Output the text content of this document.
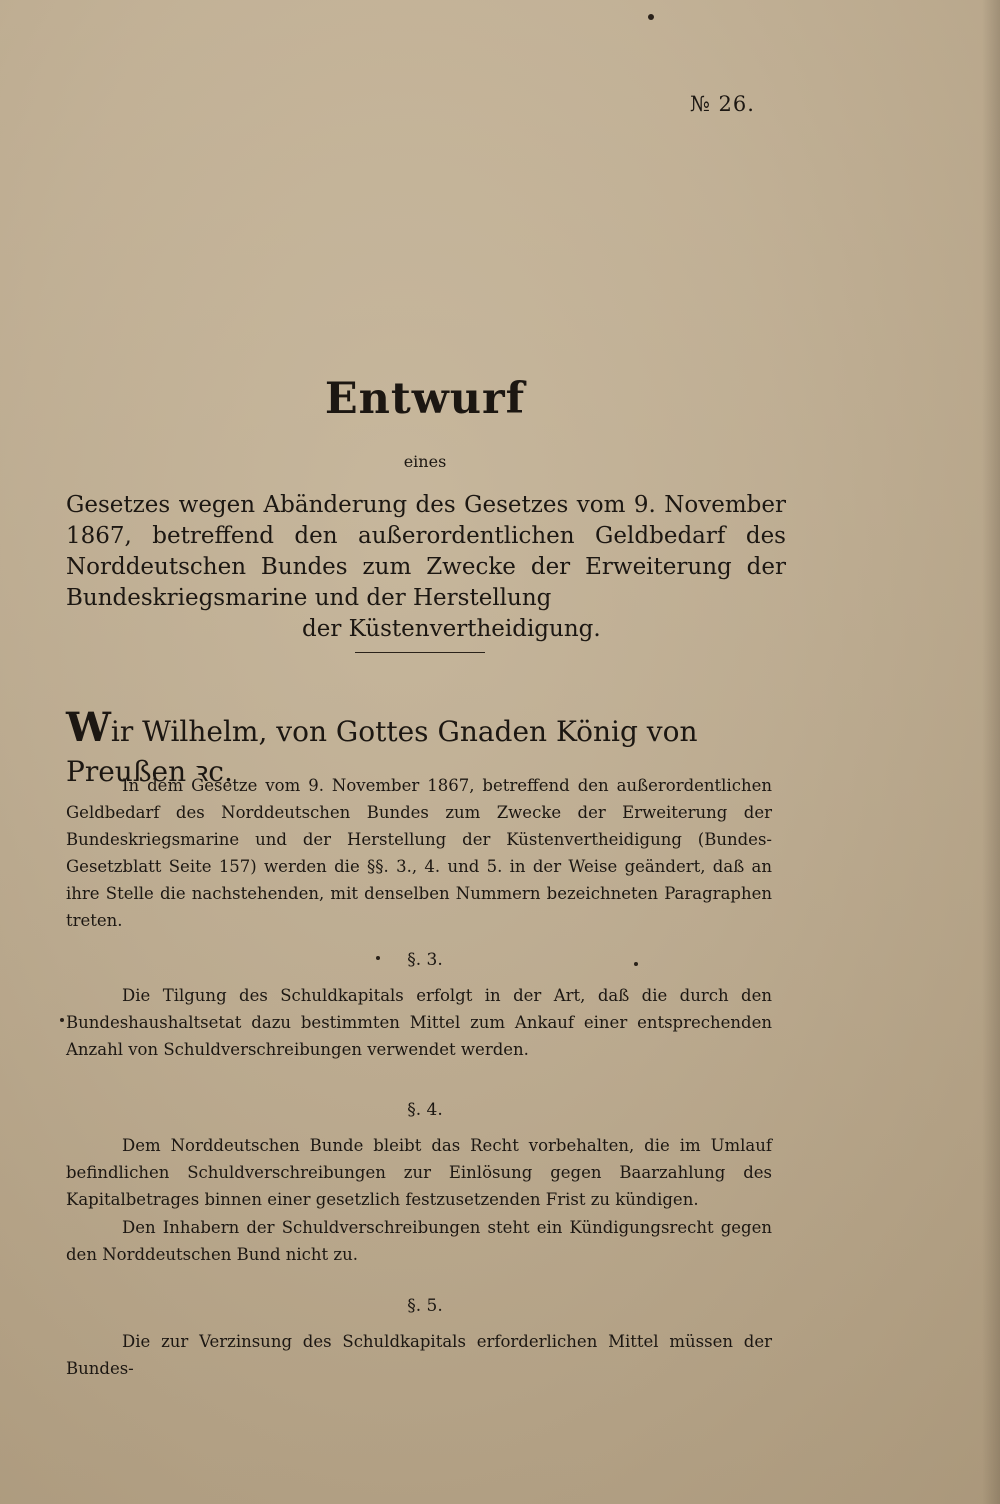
№ 26.
Entwurf
eines
Gesetzes wegen Abänderung des Gesetzes vom 9. November 1867, betreffend den außerordentlichen Geldbedarf des Norddeutschen Bundes zum Zwecke der Erweiterung der Bundeskriegsmarine und der Herstellung
der Küstenvertheidigung.
Wir Wilhelm, von Gottes Gnaden König von Preußen ꝛc.
In dem Gesetze vom 9. November 1867, betreffend den außerordentlichen Geldbedarf des Norddeutschen Bundes zum Zwecke der Erweiterung der Bundeskriegsmarine und der Herstellung der Küstenvertheidigung (Bundes-Gesetzblatt Seite 157) werden die §§. 3., 4. und 5. in der Weise geändert, daß an ihre Stelle die nachstehenden, mit denselben Nummern bezeichneten Paragraphen treten.
§. 3.
Die Tilgung des Schuldkapitals erfolgt in der Art, daß die durch den Bundeshaushaltsetat dazu bestimmten Mittel zum Ankauf einer entsprechenden Anzahl von Schuldverschreibungen verwendet werden.
§. 4.
Dem Norddeutschen Bunde bleibt das Recht vorbehalten, die im Umlauf befindlichen Schuldverschreibungen zur Einlösung gegen Baarzahlung des Kapitalbetrages binnen einer gesetzlich festzusetzenden Frist zu kündigen.
Den Inhabern der Schuldverschreibungen steht ein Kündigungsrecht gegen den Norddeutschen Bund nicht zu.
§. 5.
Die zur Verzinsung des Schuldkapitals erforderlichen Mittel müssen der Bundes-
